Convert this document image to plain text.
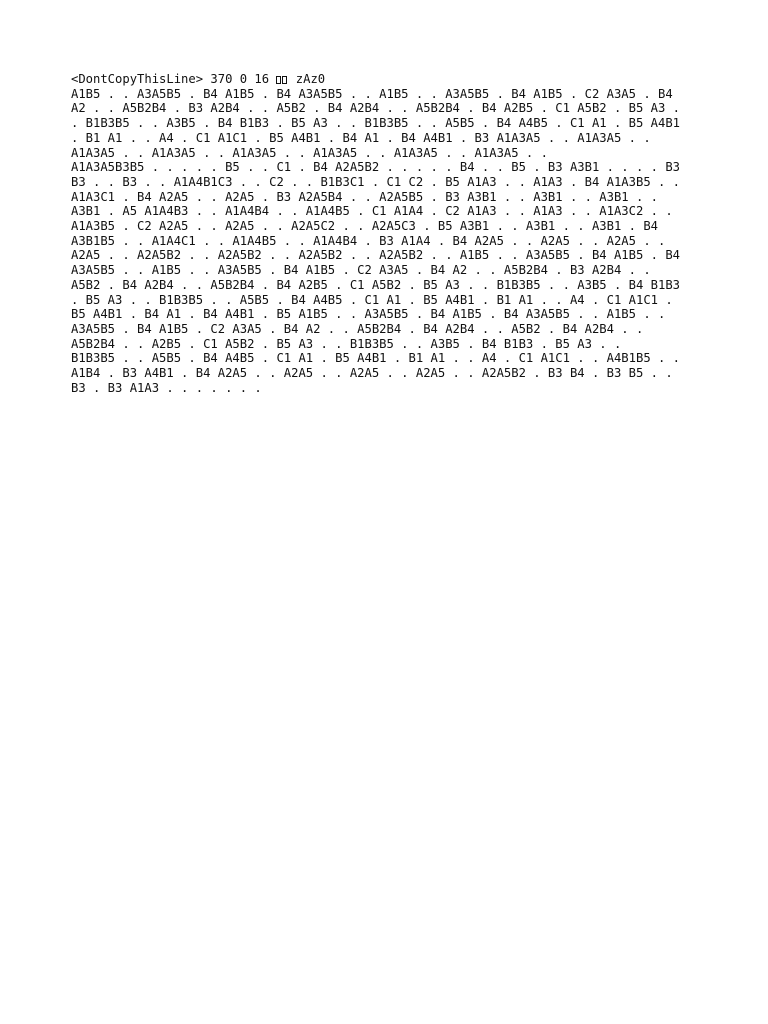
<DontCopyThisLine> 370 0 16  zAz0
A1B5 . . A3A5B5 . B4 A1B5 . B4 A3A5B5 . . A1B5 . . A3A5B5 . B4 A1B5 . C2 A3A5 . B4
A2 . . A5B2B4 . B3 A2B4 . . A5B2 . B4 A2B4 . . A5B2B4 . B4 A2B5 . C1 A5B2 . B5 A3 .
. B1B3B5 . . A3B5 . B4 B1B3 . B5 A3 . . B1B3B5 . . A5B5 . B4 A4B5 . C1 A1 . B5 A4B1
. B1 A1 . . A4 . C1 A1C1 . B5 A4B1 . B4 A1 . B4 A4B1 . B3 A1A3A5 . . A1A3A5 . .
A1A3A5 . . A1A3A5 . . A1A3A5 . . A1A3A5 . . A1A3A5 . . A1A3A5 . .
A1A3A5B3B5 . . . . . B5 . . C1 . B4 A2A5B2 . . . . . B4 . . B5 . B3 A3B1 . . . . B3
B3 . . B3 . . A1A4B1C3 . . C2 . . B1B3C1 . C1 C2 . B5 A1A3 . . A1A3 . B4 A1A3B5 . .
A1A3C1 . B4 A2A5 . . A2A5 . B3 A2A5B4 . . A2A5B5 . B3 A3B1 . . A3B1 . . A3B1 . .
A3B1 . A5 A1A4B3 . . A1A4B4 . . A1A4B5 . C1 A1A4 . C2 A1A3 . . A1A3 . . A1A3C2 . .
A1A3B5 . C2 A2A5 . . A2A5 . . A2A5C2 . . A2A5C3 . B5 A3B1 . . A3B1 . . A3B1 . B4
A3B1B5 . . A1A4C1 . . A1A4B5 . . A1A4B4 . B3 A1A4 . B4 A2A5 . . A2A5 . . A2A5 . .
A2A5 . . A2A5B2 . . A2A5B2 . . A2A5B2 . . A2A5B2 . . A1B5 . . A3A5B5 . B4 A1B5 . B4
A3A5B5 . . A1B5 . . A3A5B5 . B4 A1B5 . C2 A3A5 . B4 A2 . . A5B2B4 . B3 A2B4 . .
A5B2 . B4 A2B4 . . A5B2B4 . B4 A2B5 . C1 A5B2 . B5 A3 . . B1B3B5 . . A3B5 . B4 B1B3
. B5 A3 . . B1B3B5 . . A5B5 . B4 A4B5 . C1 A1 . B5 A4B1 . B1 A1 . . A4 . C1 A1C1 .
B5 A4B1 . B4 A1 . B4 A4B1 . B5 A1B5 . . A3A5B5 . B4 A1B5 . B4 A3A5B5 . . A1B5 . .
A3A5B5 . B4 A1B5 . C2 A3A5 . B4 A2 . . A5B2B4 . B4 A2B4 . . A5B2 . B4 A2B4 . .
A5B2B4 . . A2B5 . C1 A5B2 . B5 A3 . . B1B3B5 . . A3B5 . B4 B1B3 . B5 A3 . .
B1B3B5 . . A5B5 . B4 A4B5 . C1 A1 . B5 A4B1 . B1 A1 . . A4 . C1 A1C1 . . A4B1B5 . .
A1B4 . B3 A4B1 . B4 A2A5 . . A2A5 . . A2A5 . . A2A5 . . A2A5B2 . B3 B4 . B3 B5 . .
B3 . B3 A1A3 . . . . . . .
